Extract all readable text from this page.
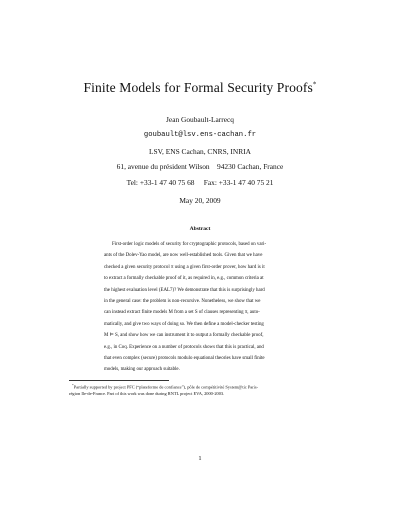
Finite Models for Formal Security Proofs*
Jean Goubault-Larrecq
goubault@lsv.ens-cachan.fr
LSV, ENS Cachan, CNRS, INRIA
61, avenue du président Wilson    94230 Cachan, France
Tel: +33-1 47 40 75 68     Fax: +33-1 47 40 75 21
May 20, 2009
Abstract
First-order logic models of security for cryptographic protocols, based on vari-
ants of the Dolev-Yao model, are now well-established tools. Given that we have
checked a given security protocol π using a given first-order prover, how hard is it
to extract a formally checkable proof of it, as required in, e.g., common criteria at
the highest evaluation level (EAL7)? We demonstrate that this is surprisingly hard
in the general case: the problem is non-recursive. Nonetheless, we show that we
can instead extract finite models M from a set S of clauses representing π, auto-
matically, and give two ways of doing so. We then define a model-checker testing
M ⊨ S, and show how we can instrument it to output a formally checkable proof,
e.g., in Coq. Experience on a number of protocols shows that this is practical, and
that even complex (secure) protocols modulo equational theories have small finite
models, making our approach suitable.
*Partially supported by project PFC (“plateforme de confiance”), pôle de compétitivité System@tic Paris-
région Ile-de-France. Part of this work was done during RNTL project EVA, 2000-2003.
1
